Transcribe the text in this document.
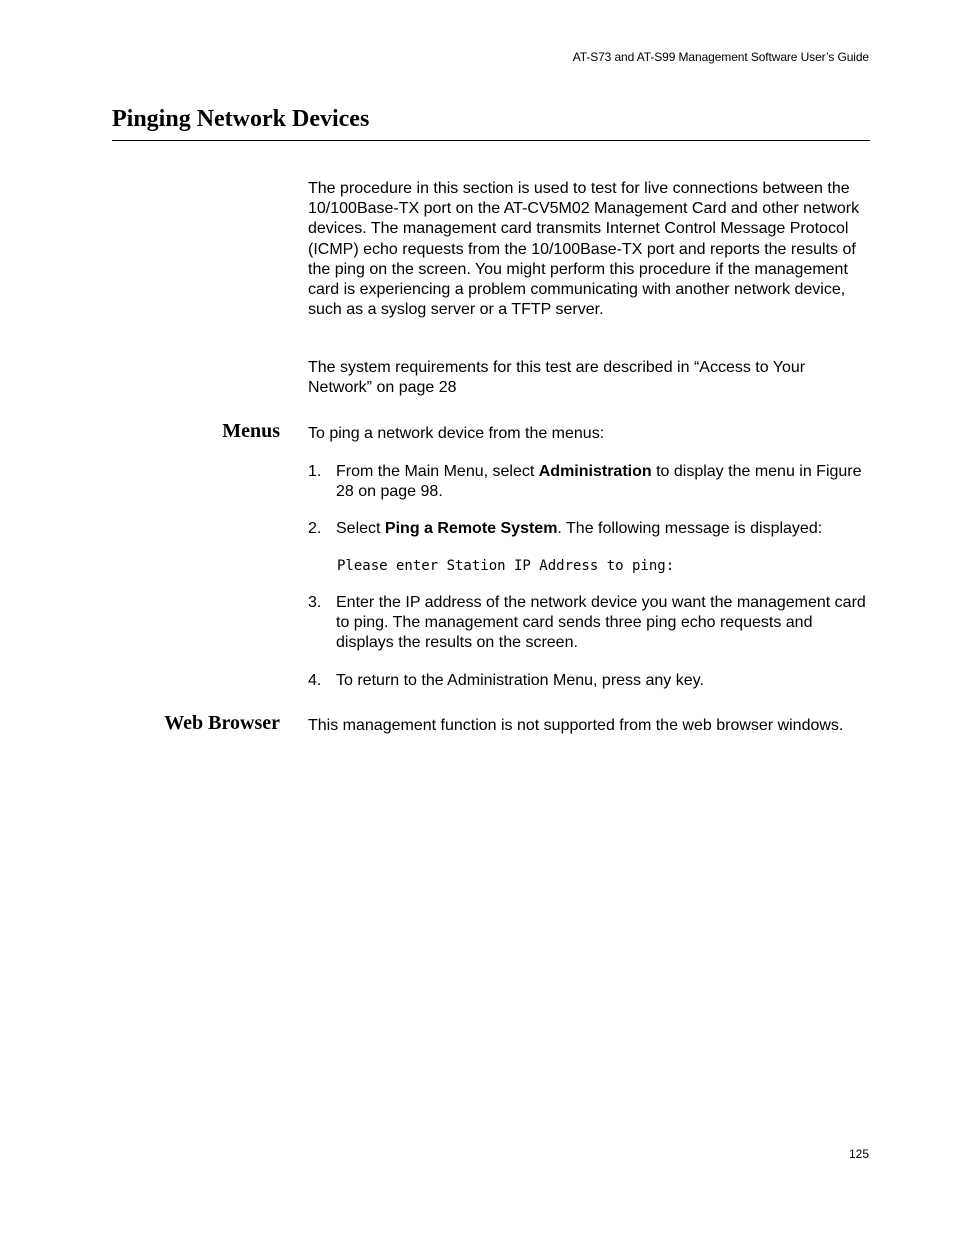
AT-S73 and AT-S99 Management Software User’s Guide
Pinging Network Devices

The procedure in this section is used to test for live connections between the 10/100Base-TX port on the AT-CV5M02 Management Card and other network devices. The management card transmits Internet Control Message Protocol (ICMP) echo requests from the 10/100Base-TX port and reports the results of the ping on the screen. You might perform this procedure if the management card is experiencing a problem communicating with another network device, such as a syslog server or a TFTP server.

The system requirements for this test are described in “Access to Your Network” on page 28

Menus To ping a network device from the menus:

1. From the Main Menu, select Administration to display the menu in Figure 28 on page 98.
2. Select Ping a Remote System. The following message is displayed:
Please enter Station IP Address to ping:
3. Enter the IP address of the network device you want the management card to ping. The management card sends three ping echo requests and displays the results on the screen.
4. To return to the Administration Menu, press any key.
Web Browser This management function is not supported from the web browser windows.

125
